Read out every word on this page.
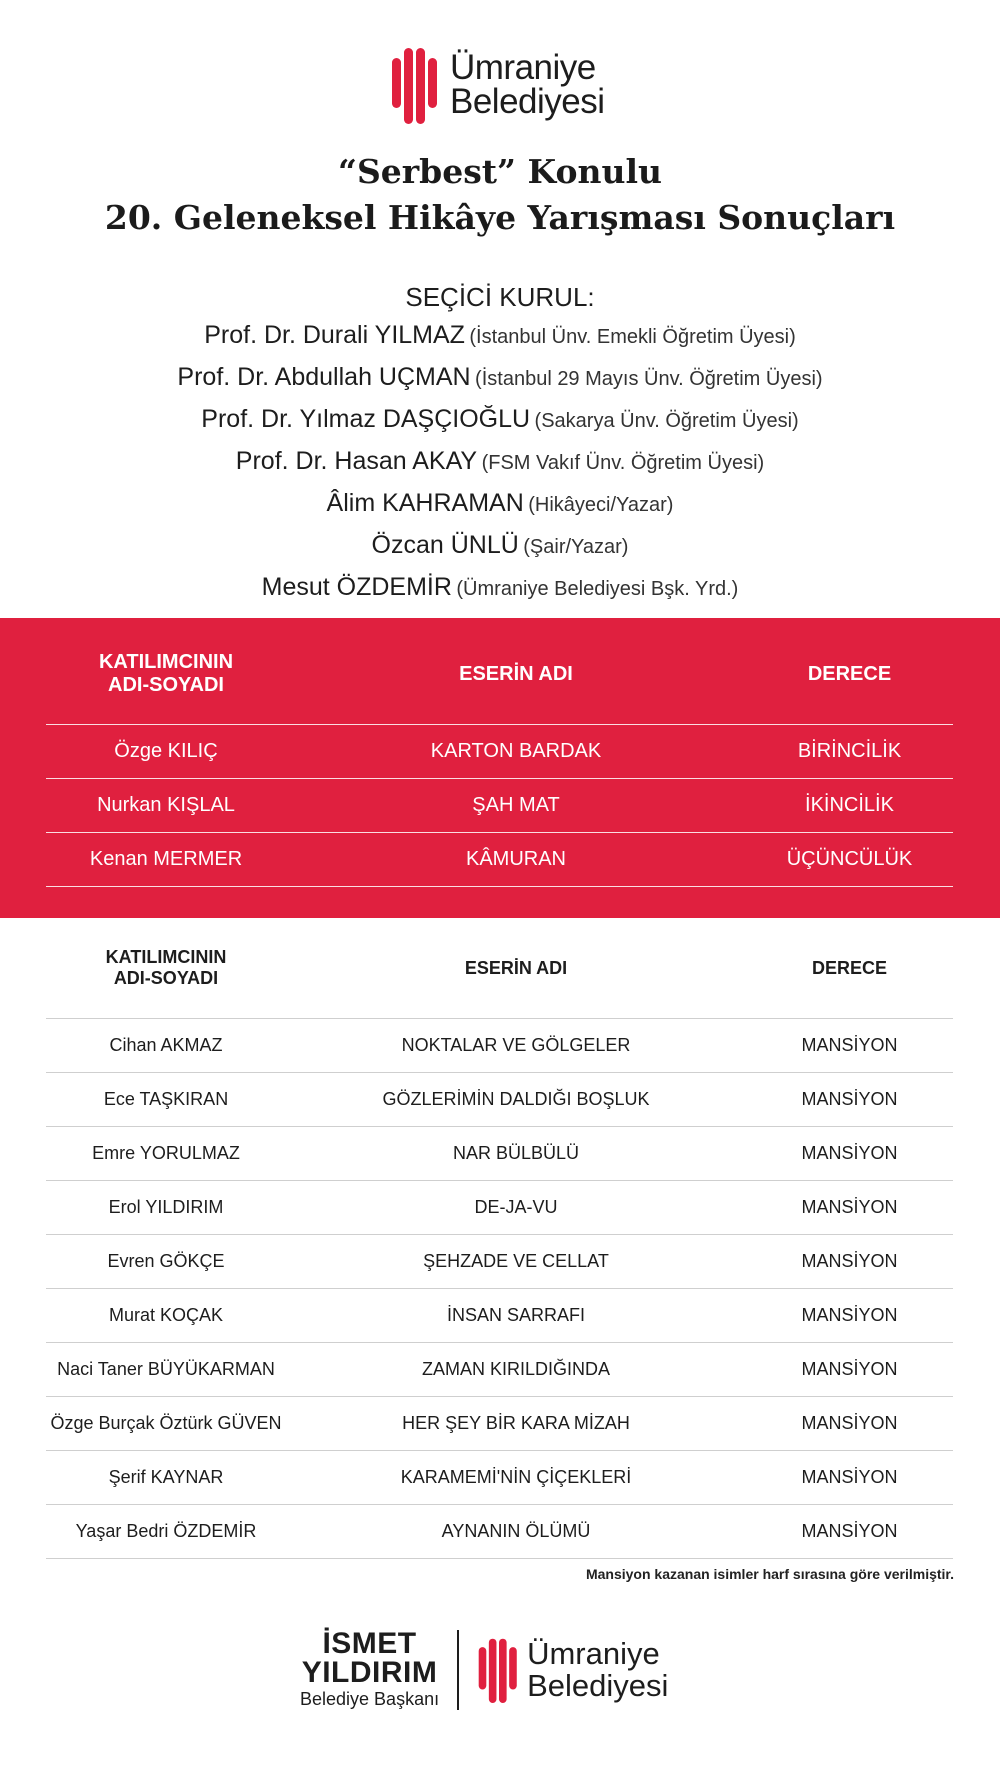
Ümraniye
Belediyesi
“Serbest” Konulu
20. Geleneksel Hikâye Yarışması Sonuçları
SEÇİCİ KURUL:
Prof. Dr. Durali YILMAZ (İstanbul Ünv. Emekli Öğretim Üyesi)
Prof. Dr. Abdullah UÇMAN (İstanbul 29 Mayıs Ünv. Öğretim Üyesi)
Prof. Dr. Yılmaz DAŞÇIOĞLU (Sakarya Ünv. Öğretim Üyesi)
Prof. Dr. Hasan AKAY (FSM Vakıf Ünv. Öğretim Üyesi)
Âlim KAHRAMAN (Hikâyeci/Yazar)
Özcan ÜNLÜ (Şair/Yazar)
Mesut ÖZDEMİR (Ümraniye Belediyesi Bşk. Yrd.)
KATILIMCININ
ADI-SOYADI
ESERİN ADI	DERECE
Özge KILIÇ	KARTON BARDAK	BİRİNCİLİK
Nurkan KIŞLAL	ŞAH MAT	İKİNCİLİK
Kenan MERMER	KÂMURAN	ÜÇÜNCÜLÜK
KATILIMCININ
ADI-SOYADI
ESERİN ADI	DERECE
Cihan AKMAZ	NOKTALAR VE GÖLGELER	MANSİYON
Ece TAŞKIRAN	GÖZLERİMİN DALDIĞI BOŞLUK	MANSİYON
Emre YORULMAZ	NAR BÜLBÜLÜ	MANSİYON
Erol YILDIRIM	DE-JA-VU	MANSİYON
Evren GÖKÇE	ŞEHZADE VE CELLAT	MANSİYON
Murat KOÇAK	İNSAN SARRAFI	MANSİYON
Naci Taner BÜYÜKARMAN	ZAMAN KIRILDIĞINDA	MANSİYON
Özge Burçak Öztürk GÜVEN	HER ŞEY BİR KARA MİZAH	MANSİYON
Şerif KAYNAR	KARAMEMİ'NİN ÇİÇEKLERİ	MANSİYON
Yaşar Bedri ÖZDEMİR	AYNANIN ÖLÜMÜ	MANSİYON
Mansiyon kazanan isimler harf sırasına göre verilmiştir.
İSMET
YILDIRIM
Belediye Başkanı
Ümraniye
Belediyesi
